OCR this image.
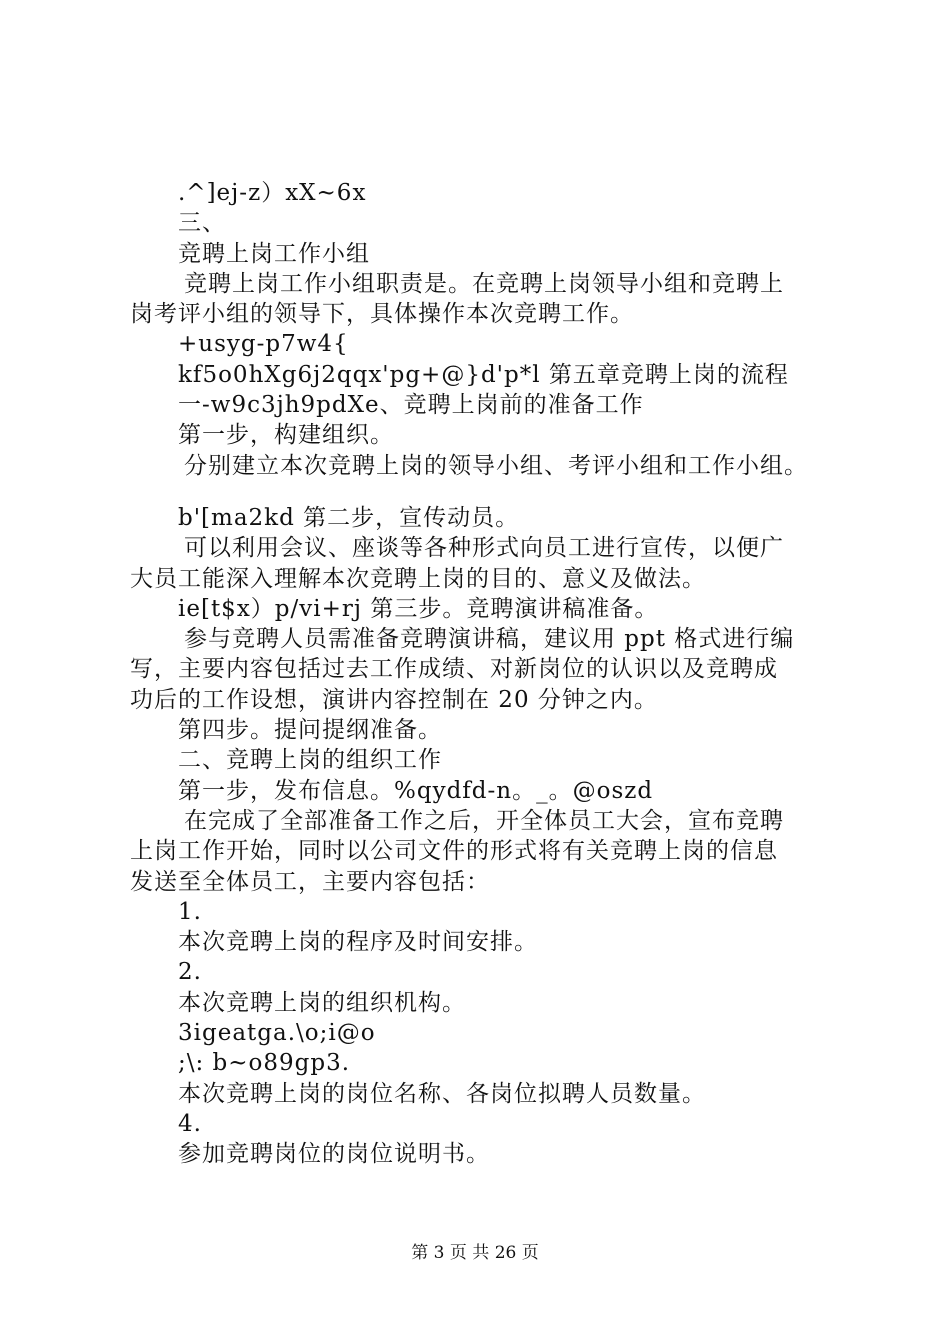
.^]ej-z）xX~6x
三、
竞聘上岗工作小组
竞聘上岗工作小组职责是。在竞聘上岗领导小组和竞聘上
岗考评小组的领导下，具体操作本次竞聘工作。
+usyg-p7w4{
kf5o0hXg6j2qqx'pg+@}d'p*l 第五章竞聘上岗的流程
一-w9c3jh9pdXe、竞聘上岗前的准备工作
第一步，构建组织。
分别建立本次竞聘上岗的领导小组、考评小组和工作小组。
b'[ma2kd 第二步，宣传动员。
可以利用会议、座谈等各种形式向员工进行宣传，以便广
大员工能深入理解本次竞聘上岗的目的、意义及做法。
ie[t$x）p/vi+rj 第三步。竞聘演讲稿准备。
参与竞聘人员需准备竞聘演讲稿，建议用 ppt 格式进行编
写，主要内容包括过去工作成绩、对新岗位的认识以及竞聘成
功后的工作设想，演讲内容控制在 20 分钟之内。
第四步。提问提纲准备。
二、竞聘上岗的组织工作
第一步，发布信息。%qydfd-n。_。@oszd
在完成了全部准备工作之后，开全体员工大会，宣布竞聘
上岗工作开始，同时以公司文件的形式将有关竞聘上岗的信息
发送至全体员工，主要内容包括：
1.
本次竞聘上岗的程序及时间安排。
2.
本次竞聘上岗的组织机构。
3igeatga.\o;i@o
;\: b~o89gp3.
本次竞聘上岗的岗位名称、各岗位拟聘人员数量。
4.
参加竞聘岗位的岗位说明书。
第 3 页 共 26 页
